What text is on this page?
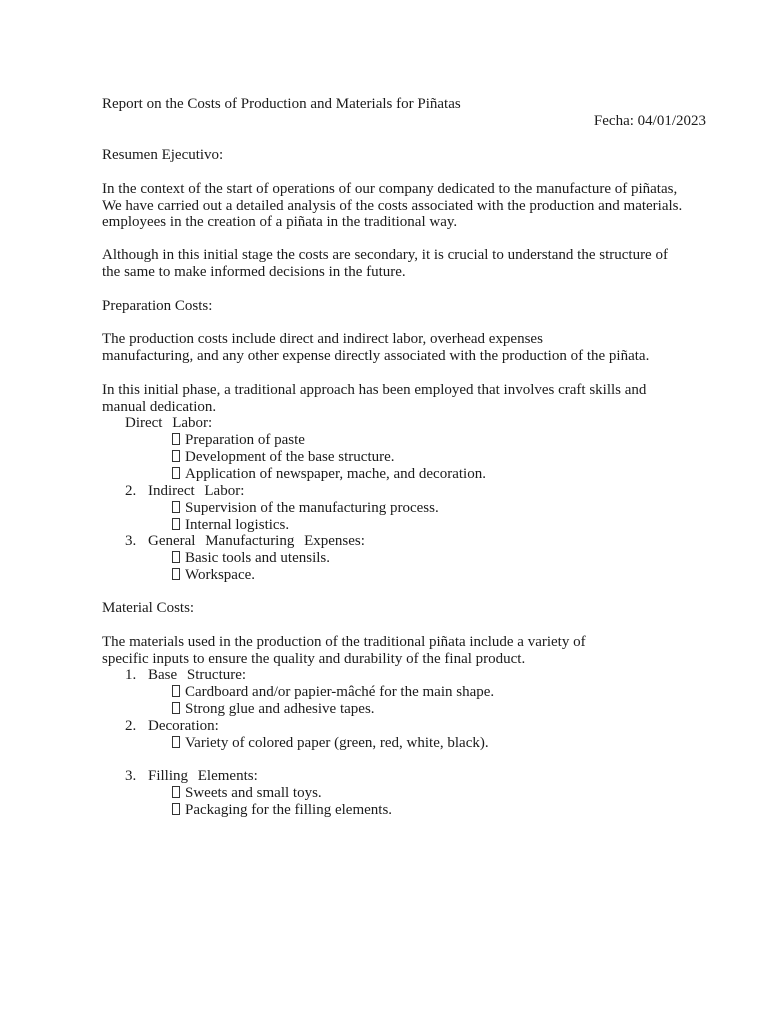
Report on the Costs of Production and Materials for Piñatas
Fecha: 04/01/2023
Resumen Ejecutivo:
In the context of the start of operations of our company dedicated to the manufacture of piñatas,
We have carried out a detailed analysis of the costs associated with the production and materials.
employees in the creation of a piñata in the traditional way.
Although in this initial stage the costs are secondary, it is crucial to understand the structure of
the same to make informed decisions in the future.
Preparation Costs:
The production costs include direct and indirect labor, overhead expenses
manufacturing, and any other expense directly associated with the production of the piñata.
In this initial phase, a traditional approach has been employed that involves craft skills and
manual dedication.
Direct Labor:
Preparation of paste
Development of the base structure.
Application of newspaper, mache, and decoration.
2. Indirect Labor:
Supervision of the manufacturing process.
Internal logistics.
3. General Manufacturing Expenses:
Basic tools and utensils.
Workspace.
Material Costs:
The materials used in the production of the traditional piñata include a variety of
specific inputs to ensure the quality and durability of the final product.
1. Base Structure:
Cardboard and/or papier-mâché for the main shape.
Strong glue and adhesive tapes.
2. Decoration:
Variety of colored paper (green, red, white, black).
3. Filling Elements:
Sweets and small toys.
Packaging for the filling elements.
